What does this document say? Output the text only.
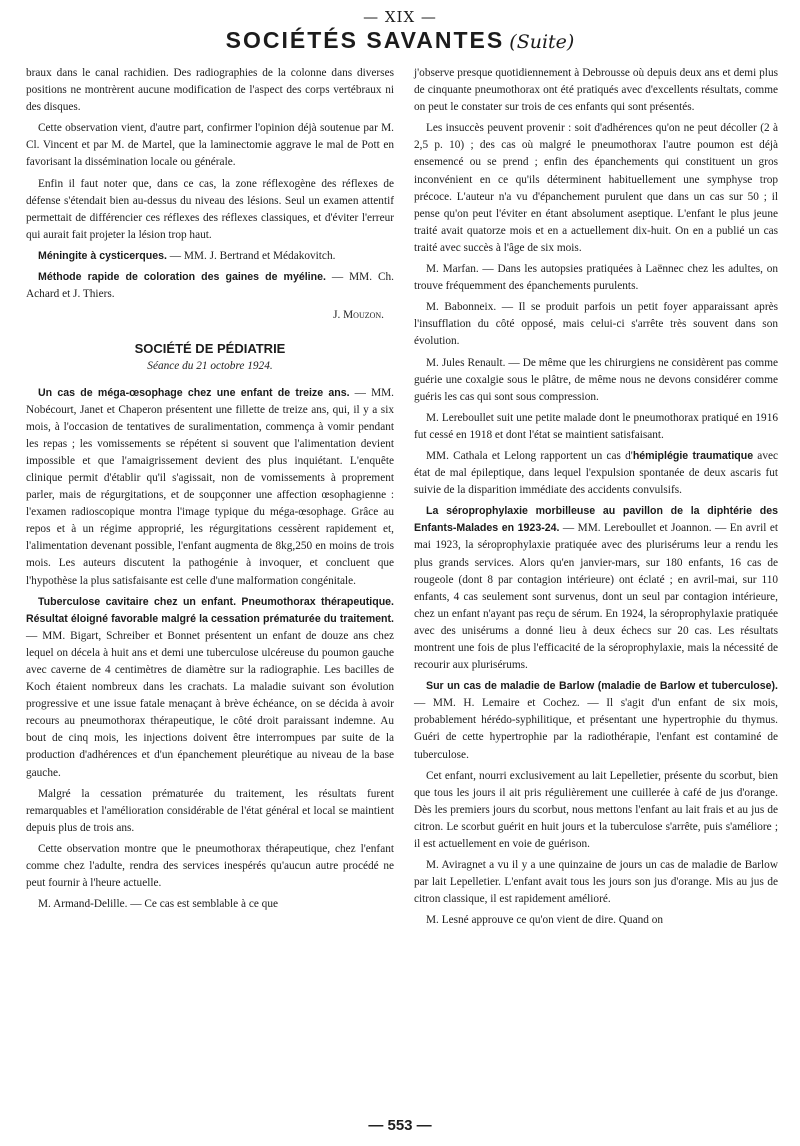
— XIX —
SOCIÉTÉS SAVANTES (Suite)

braux dans le canal rachidien. Des radiographies de la colonne dans diverses positions ne montrèrent aucune modification de l'aspect des corps vertébraux ni des disques.

Cette observation vient, d'autre part, confirmer l'opinion déjà soutenue par M. Cl. Vincent et par M. de Martel, que la laminectomie aggrave le mal de Pott en favorisant la dissémination locale ou générale.

Enfin il faut noter que, dans ce cas, la zone réflexogène des réflexes de défense s'étendait bien au-dessus du niveau des lésions. Seul un examen attentif permettait de différencier ces réflexes des réflexes classiques, et d'éviter l'erreur qui aurait fait projeter la lésion trop haut.

Méningite à cysticerques. — MM. J. Bertrand et Médakovitch.

Méthode rapide de coloration des gaines de myéline. — MM. Ch. Achard et J. Thiers.

J. Mouzon.

SOCIÉTÉ DE PÉDIATRIE
Séance du 21 octobre 1924.

Un cas de méga-œsophage chez une enfant de treize ans. — MM. Nobécourt, Janet et Chaperon présentent une fillette de treize ans, qui, il y a six mois, à l'occasion de tentatives de suralimentation, commença à vomir pendant les repas ; les vomissements se répétent si souvent que l'alimentation devient impossible et que l'amaigrissement devient des plus inquiétant. L'enquête clinique permit d'établir qu'il s'agissait, non de vomissements à proprement parler, mais de régurgitations, et de soupçonner une affection œsophagienne : l'examen radioscopique montra l'image typique du méga-œsophage. Grâce au repos et à un régime approprié, les régurgitations cessèrent rapidement et, l'alimentation devenant possible, l'enfant augmenta de 8kg,250 en moins de trois mois. Les auteurs discutent la pathogénie à invoquer, et concluent que l'hypothèse la plus satisfaisante est celle d'une malformation congénitale.

Tuberculose cavitaire chez un enfant. Pneumothorax thérapeutique. Résultat éloigné favorable malgré la cessation prématurée du traitement. — MM. Bigart, Schreiber et Bonnet présentent un enfant de douze ans chez lequel on décela à huit ans et demi une tuberculose ulcéreuse du poumon gauche avec caverne de 4 centimètres de diamètre sur la radiographie. Les bacilles de Koch étaient nombreux dans les crachats. La maladie suivant son évolution progressive et une issue fatale menaçant à brève échéance, on se décida à avoir recours au pneumothorax thérapeutique, le côté droit paraissant indemne. Au bout de cinq mois, les injections doivent être interrompues par suite de la production d'adhérences et d'un épanchement pleurétique au niveau de la base gauche.

Malgré la cessation prématurée du traitement, les résultats furent remarquables et l'amélioration considérable de l'état général et local se maintient depuis plus de trois ans.

Cette observation montre que le pneumothorax thérapeutique, chez l'enfant comme chez l'adulte, rendra des services inespérés qu'aucun autre procédé ne peut fournir à l'heure actuelle.

M. Armand-Delille. — Ce cas est semblable à ce que

j'observe presque quotidiennement à Debrousse où depuis deux ans et demi plus de cinquante pneumothorax ont été pratiqués avec d'excellents résultats, comme on peut le constater sur trois de ces enfants qui sont présentés.

Les insuccès peuvent provenir : soit d'adhérences qu'on ne peut décoller (2 à 2,5 p. 10) ; des cas où malgré le pneumothorax l'autre poumon est déjà ensemencé ou se prend ; enfin des épanchements qui constituent un gros inconvénient en ce qu'ils déterminent habituellement une symphyse trop précoce. L'auteur n'a vu d'épanchement purulent que dans un cas sur 50 ; il pense qu'on peut l'éviter en étant absolument aseptique. L'enfant le plus jeune traité avait quatorze mois et en a actuellement dix-huit. On en a publié un cas traité avec succès à l'âge de six mois.

M. Marfan. — Dans les autopsies pratiquées à Laënnec chez les adultes, on trouve fréquemment des épanchements purulents.

M. Babonneix. — Il se produit parfois un petit foyer apparaissant après l'insufflation du côté opposé, mais celui-ci s'arrête très souvent dans son évolution.

M. Jules Renault. — De même que les chirurgiens ne considèrent pas comme guérie une coxalgie sous le plâtre, de même nous ne devons considérer comme guéris les cas qui sont sous compression.

M. Lereboullet suit une petite malade dont le pneumothorax pratiqué en 1916 fut cessé en 1918 et dont l'état se maintient satisfaisant.

MM. Cathala et Lelong rapportent un cas d'hémiplégie traumatique avec état de mal épileptique, dans lequel l'expulsion spontanée de deux ascaris fut suivie de la disparition immédiate des accidents convulsifs.

La séroprophylaxie morbilleuse au pavillon de la diphtérie des Enfants-Malades en 1923-24. — MM. Lereboullet et Joannon. — En avril et mai 1923, la séroprophylaxie pratiquée avec des plurisérums leur a rendu les plus grands services. Alors qu'en janvier-mars, sur 180 enfants, 16 cas de rougeole (dont 8 par contagion intérieure) ont éclaté ; en avril-mai, sur 110 enfants, 4 cas seulement sont survenus, dont un seul par contagion intérieure, chez un enfant n'ayant pas reçu de sérum. En 1924, la séroprophylaxie pratiquée avec des unisérums a donné lieu à deux échecs sur 20 cas. Les résultats montrent une fois de plus l'efficacité de la séroprophylaxie, mais la nécessité de recourir aux plurisérums.

Sur un cas de maladie de Barlow (maladie de Barlow et tuberculose). — MM. H. Lemaire et Cochez. — Il s'agit d'un enfant de six mois, probablement hérédo-syphilitique, et présentant une hypertrophie du thymus. Guéri de cette hypertrophie par la radiothérapie, l'enfant est contaminé de tuberculose.

Cet enfant, nourri exclusivement au lait Lepelletier, présente du scorbut, bien que tous les jours il ait pris régulièrement une cuillerée à café de jus d'orange. Dès les premiers jours du scorbut, nous mettons l'enfant au lait frais et au jus de citron. Le scorbut guérit en huit jours et la tuberculose s'arrête, puis s'améliore ; il est actuellement en voie de guérison.

M. Aviragnet a vu il y a une quinzaine de jours un cas de maladie de Barlow par lait Lepelletier. L'enfant avait tous les jours son jus d'orange. Mis au jus de citron classique, il est rapidement amélioré.

M. Lesné approuve ce qu'on vient de dire. Quand on

— 553 —
